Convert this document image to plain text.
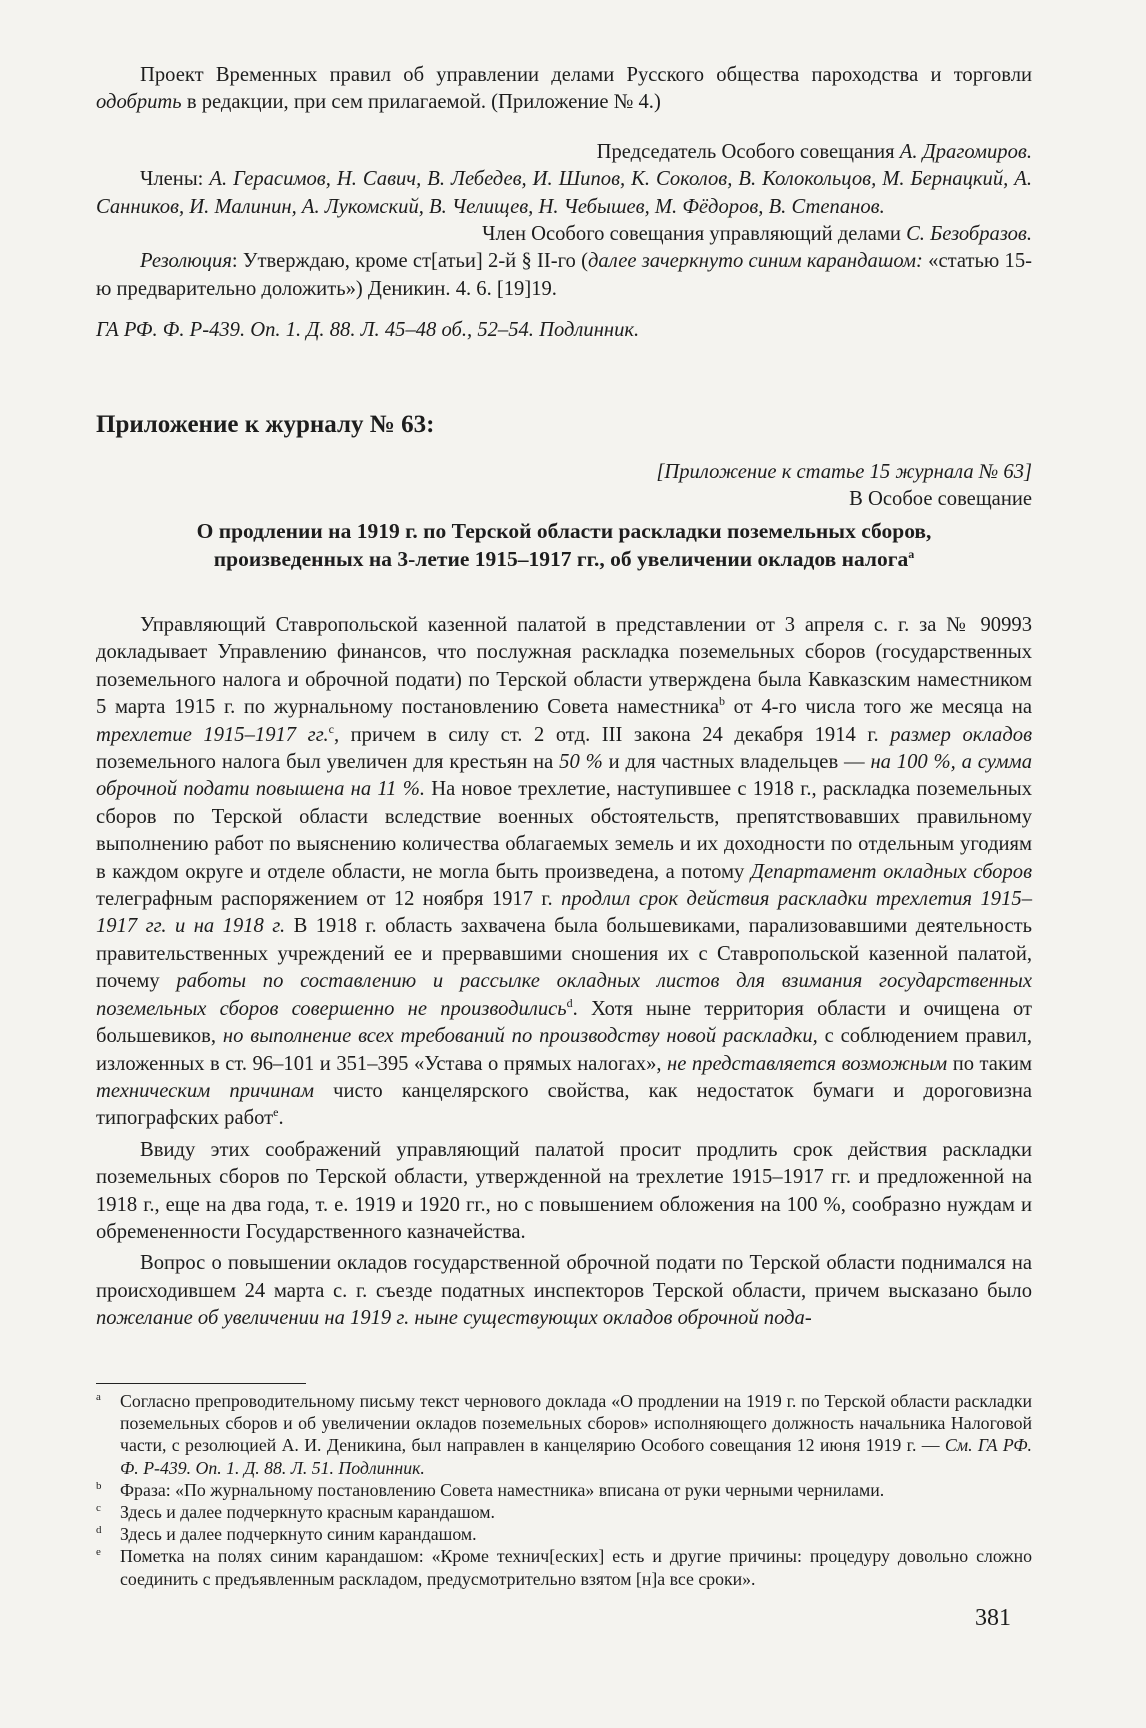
Проект Временных правил об управлении делами Русского общества пароходства и торговли одобрить в редакции, при сем прилагаемой. (Приложение № 4.)

Председатель Особого совещания А. Драгомиров.

Члены: А. Герасимов, Н. Савич, В. Лебедев, И. Шипов, К. Соколов, В. Колокольцов, М. Бернацкий, А. Санников, И. Малинин, А. Лукомский, В. Челищев, Н. Чебышев, М. Фёдоров, В. Степанов.

Член Особого совещания управляющий делами С. Безобразов.

Резолюция: Утверждаю, кроме ст[атьи] 2-й § II-го (далее зачеркнуто синим карандашом: «статью 15-ю предварительно доложить») Деникин. 4. 6. [19]19.

ГА РФ. Ф. Р-439. Оп. 1. Д. 88. Л. 45–48 об., 52–54. Подлинник.

Приложение к журналу № 63:

[Приложение к статье 15 журнала № 63]

В Особое совещание

О продлении на 1919 г. по Терской области раскладки поземельных сборов,

произведенных на 3-летие 1915–1917 гг., об увеличении окладов налога$^a$

Управляющий Ставропольской казенной палатой в представлении от 3 апреля с. г. за № 90993 докладывает Управлению финансов, что послужная раскладка поземельных сборов (государственных поземельного налога и оброчной подати) по Терской области утверждена была Кавказским наместником 5 марта 1915 г. по журнальному постановлению Совета наместника$^b$ от 4-го числа того же месяца на трехлетие 1915–1917 гг.$^c$, причем в силу ст. 2 отд. III закона 24 декабря 1914 г. размер окладов поземельного налога был увеличен для крестьян на 50 % и для частных владельцев — на 100 %, а сумма оброчной подати повышена на 11 %. На новое трехлетие, наступившее с 1918 г., раскладка поземельных сборов по Терской области вследствие военных обстоятельств, препятствовавших правильному выполнению работ по выяснению количества облагаемых земель и их доходности по отдельным угодиям в каждом округе и отделе области, не могла быть произведена, а потому Департамент окладных сборов телеграфным распоряжением от 12 ноября 1917 г. продлил срок действия раскладки трехлетия 1915–1917 гг. и на 1918 г. В 1918 г. область захвачена была большевиками, парализовавшими деятельность правительственных учреждений ее и прервавшими сношения их с Ставропольской казенной палатой, почему работы по составлению и рассылке окладных листов для взимания государственных поземельных сборов совершенно не производились$^d$. Хотя ныне территория области и очищена от большевиков, но выполнение всех требований по производству новой раскладки, с соблюдением правил, изложенных в ст. 96–101 и 351–395 «Устава о прямых налогах», не представляется возможным по таким техническим причинам чисто канцелярского свойства, как недостаток бумаги и дороговизна типографских работ$^e$.

Ввиду этих соображений управляющий палатой просит продлить срок действия раскладки поземельных сборов по Терской области, утвержденной на трехлетие 1915–1917 гг. и предложенной на 1918 г., еще на два года, т. е. 1919 и 1920 гг., но с повышением обложения на 100 %, сообразно нуждам и обремененности Государственного казначейства.

Вопрос о повышении окладов государственной оброчной подати по Терской области поднимался на происходившем 24 марта с. г. съезде податных инспекторов Терской области, причем высказано было пожелание об увеличении на 1919 г. ныне существующих окладов оброчной пода-

a Согласно препроводительному письму текст чернового доклада «О продлении на 1919 г. по Терской области раскладки поземельных сборов и об увеличении окладов поземельных сборов» исполняющего должность начальника Налоговой части, с резолюцией А. И. Деникина, был направлен в канцелярию Особого совещания 12 июня 1919 г. — См. ГА РФ. Ф. Р-439. Оп. 1. Д. 88. Л. 51. Подлинник.

b Фраза: «По журнальному постановлению Совета наместника» вписана от руки черными чернилами.

c Здесь и далее подчеркнуто красным карандашом.

d Здесь и далее подчеркнуто синим карандашом.

e Пометка на полях синим карандашом: «Кроме технич[еских] есть и другие причины: процедуру довольно сложно соединить с предъявленным раскладом, предусмотрительно взятом [н]а все сроки».

381
